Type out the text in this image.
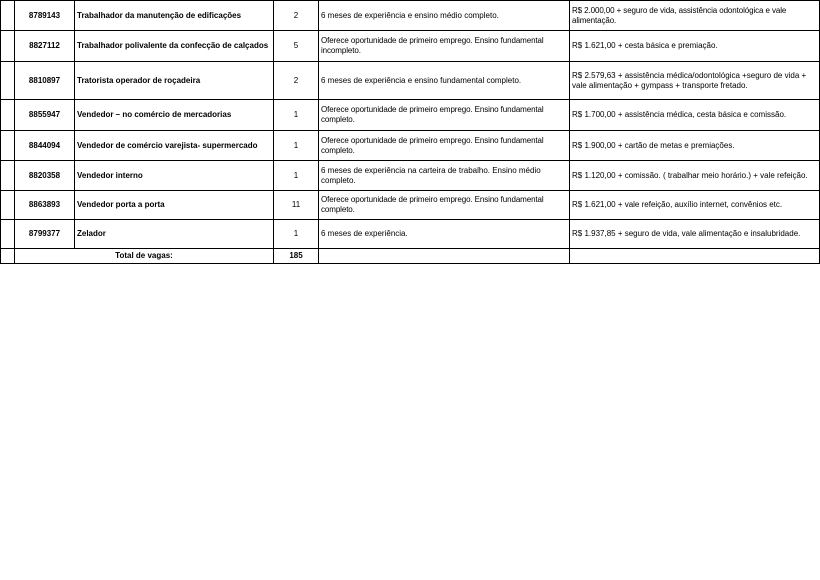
	8789143	Trabalhador da manutenção de edificações	2	6 meses de experiência e ensino médio completo.	R$ 2.000,00 + seguro de vida, assistência odontológica e vale alimentação.
	8827112	Trabalhador polivalente da confecção de calçados	5	Oferece oportunidade de primeiro emprego. Ensino fundamental incompleto.	R$ 1.621,00 + cesta básica e premiação.
	8810897	Tratorista operador de roçadeira	2	6 meses de experiência e ensino fundamental completo.	R$ 2.579,63 + assistência médica/odontológica +seguro de vida + vale alimentação + gympass + transporte fretado.
	8855947	Vendedor – no comércio de mercadorias	1	Oferece oportunidade de primeiro emprego. Ensino fundamental completo.	R$ 1.700,00 + assistência médica, cesta básica e comissão.
	8844094	Vendedor de comércio varejista- supermercado	1	Oferece oportunidade de primeiro emprego. Ensino fundamental completo.	R$ 1.900,00 + cartão de metas e premiações.
	8820358	Vendedor interno	1	6 meses de experiência na carteira de trabalho. Ensino médio completo.	R$ 1.120,00 + comissão. ( trabalhar meio horário.) + vale refeição.
	8863893	Vendedor porta a porta	11	Oferece oportunidade de primeiro emprego. Ensino fundamental completo.	R$ 1.621,00 + vale refeição, auxílio internet, convênios etc.
	8799377	Zelador	1	6 meses de experiência.	R$ 1.937,85 + seguro de vida, vale alimentação e insalubridade.
	Total de vagas:		185		
